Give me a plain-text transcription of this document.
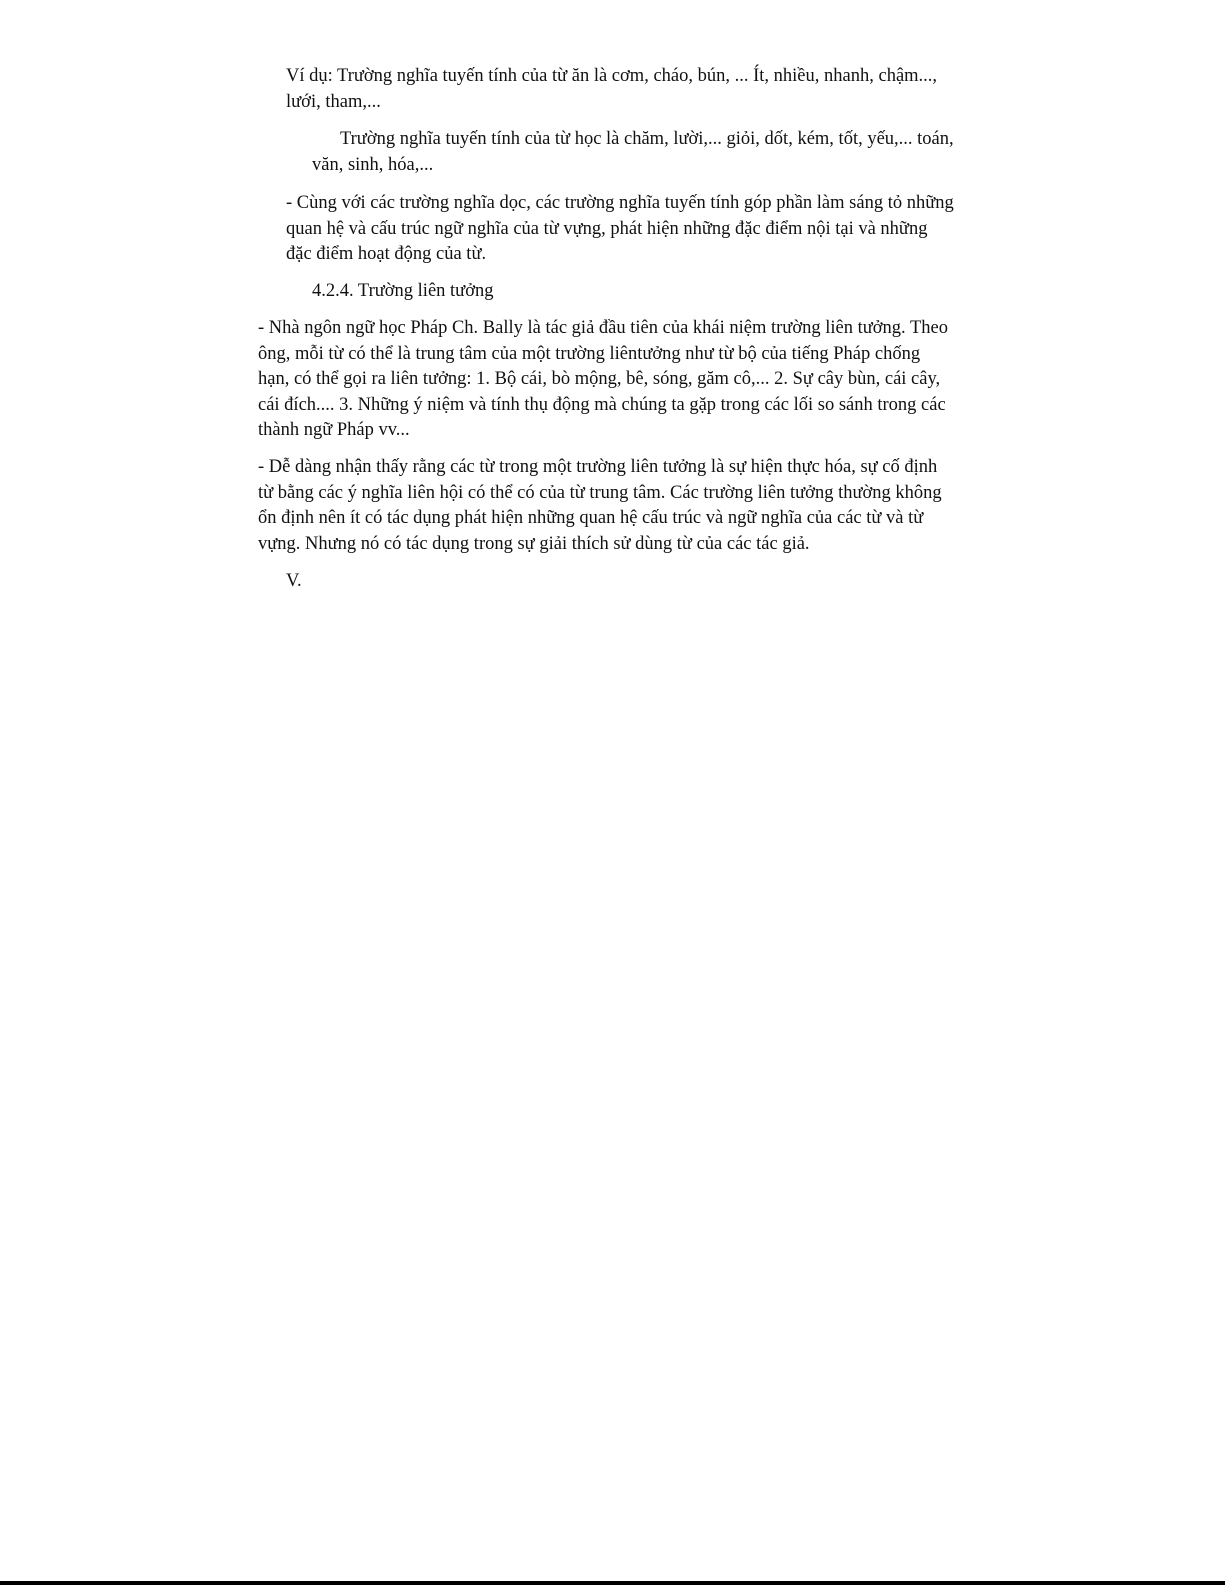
Ví dụ: Trường nghĩa tuyến tính của từ ăn là cơm, cháo, bún, ... Ít, nhiều, nhanh, chậm...,
lưới, tham,...

Trường nghĩa tuyến tính của từ học là chăm, lười,... giỏi, dốt, kém, tốt, yếu,... toán,
văn, sinh, hóa,...

- Cùng với các trường nghĩa dọc, các trường nghĩa tuyến tính góp phần làm sáng tỏ những
quan hệ và cấu trúc ngữ nghĩa của từ vựng, phát hiện những đặc điểm nội tại và những
đặc điểm hoạt động của từ.

4.2.4. Trường liên tưởng

- Nhà ngôn ngữ học Pháp Ch. Bally là tác giả đầu tiên của khái niệm trường liên tưởng. Theo
ông, mỗi từ có thể là trung tâm của một trường liêntưởng như từ bộ của tiếng Pháp chống
hạn, có thể gọi ra liên tưởng: 1. Bộ cái, bò mộng, bê, sóng, găm cô,... 2. Sự cây bùn, cái cây,
cái đích.... 3. Những ý niệm và tính thụ động mà chúng ta gặp trong các lối so sánh trong các
thành ngữ Pháp vv...

- Dễ dàng nhận thấy rằng các từ trong một trường liên tưởng là sự hiện thực hóa, sự cố định
từ bằng các ý nghĩa liên hội có thể có của từ trung tâm. Các trường liên tưởng thường không
ổn định nên ít có tác dụng phát hiện những quan hệ cấu trúc và ngữ nghĩa của các từ và từ
vựng. Nhưng nó có tác dụng trong sự giải thích sử dùng từ của các tác giả.

V.
